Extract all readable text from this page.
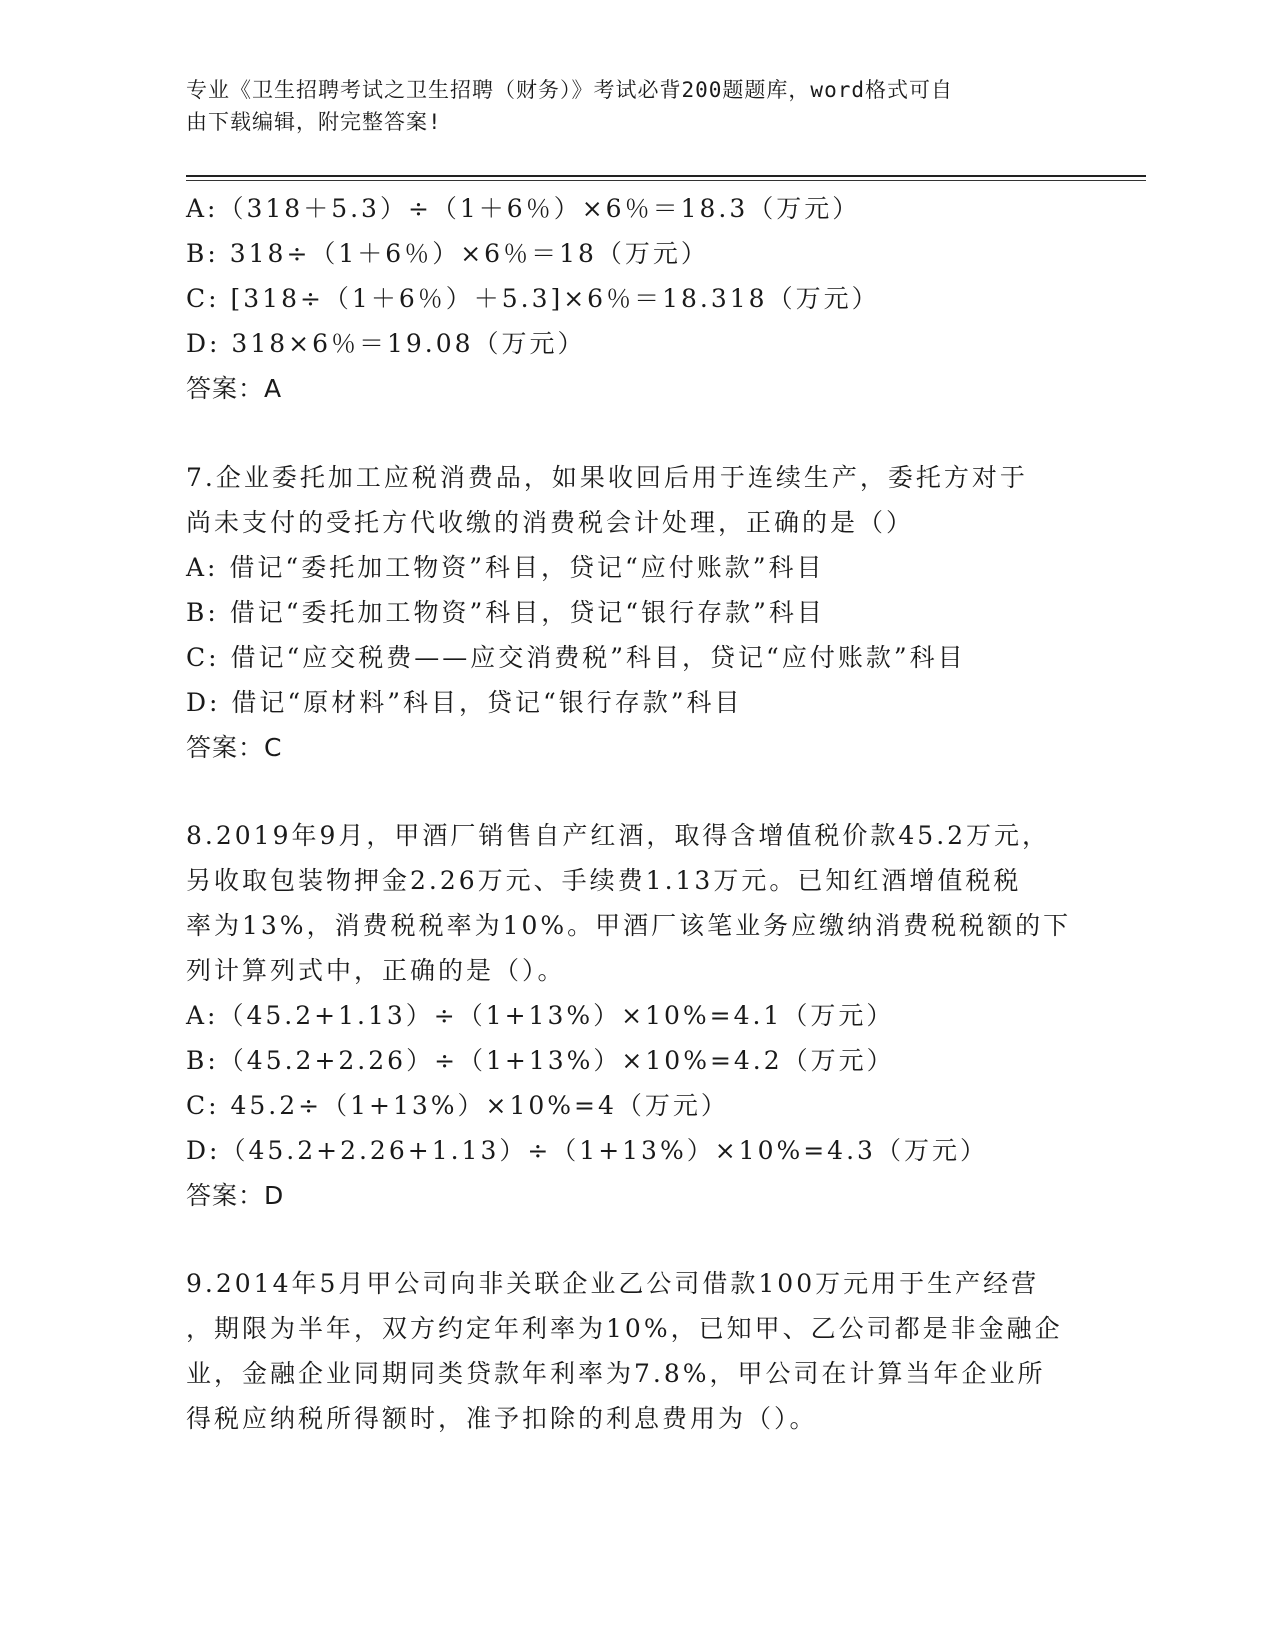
专业《卫生招聘考试之卫生招聘（财务）》考试必背200题题库，word格式可自
由下载编辑，附完整答案!
A:（318＋5.3）÷（1＋6％）×6％＝18.3（万元）
B: 318÷（1＋6％）×6％＝18（万元）
C: [318÷（1＋6％）＋5.3]×6％＝18.318（万元）
D: 318×6％＝19.08（万元）
答案：A
7.企业委托加工应税消费品，如果收回后用于连续生产，委托方对于
尚未支付的受托方代收缴的消费税会计处理，正确的是（）
A: 借记“委托加工物资”科目，贷记“应付账款”科目
B: 借记“委托加工物资”科目，贷记“银行存款”科目
C: 借记“应交税费——应交消费税”科目，贷记“应付账款”科目
D: 借记“原材料”科目，贷记“银行存款”科目
答案：C
8.2019年9月，甲酒厂销售自产红酒，取得含增值税价款45.2万元，
另收取包装物押金2.26万元、手续费1.13万元。已知红酒增值税税
率为13%，消费税税率为10%。甲酒厂该笔业务应缴纳消费税税额的下
列计算列式中，正确的是（）。
A:（45.2+1.13）÷（1+13%）×10%=4.1（万元）
B:（45.2+2.26）÷（1+13%）×10%=4.2（万元）
C: 45.2÷（1+13%）×10%=4（万元）
D:（45.2+2.26+1.13）÷（1+13%）×10%=4.3（万元）
答案：D
9.2014年5月甲公司向非关联企业乙公司借款100万元用于生产经营
，期限为半年，双方约定年利率为10%，已知甲、乙公司都是非金融企
业，金融企业同期同类贷款年利率为7.8%，甲公司在计算当年企业所
得税应纳税所得额时，准予扣除的利息费用为（）。
